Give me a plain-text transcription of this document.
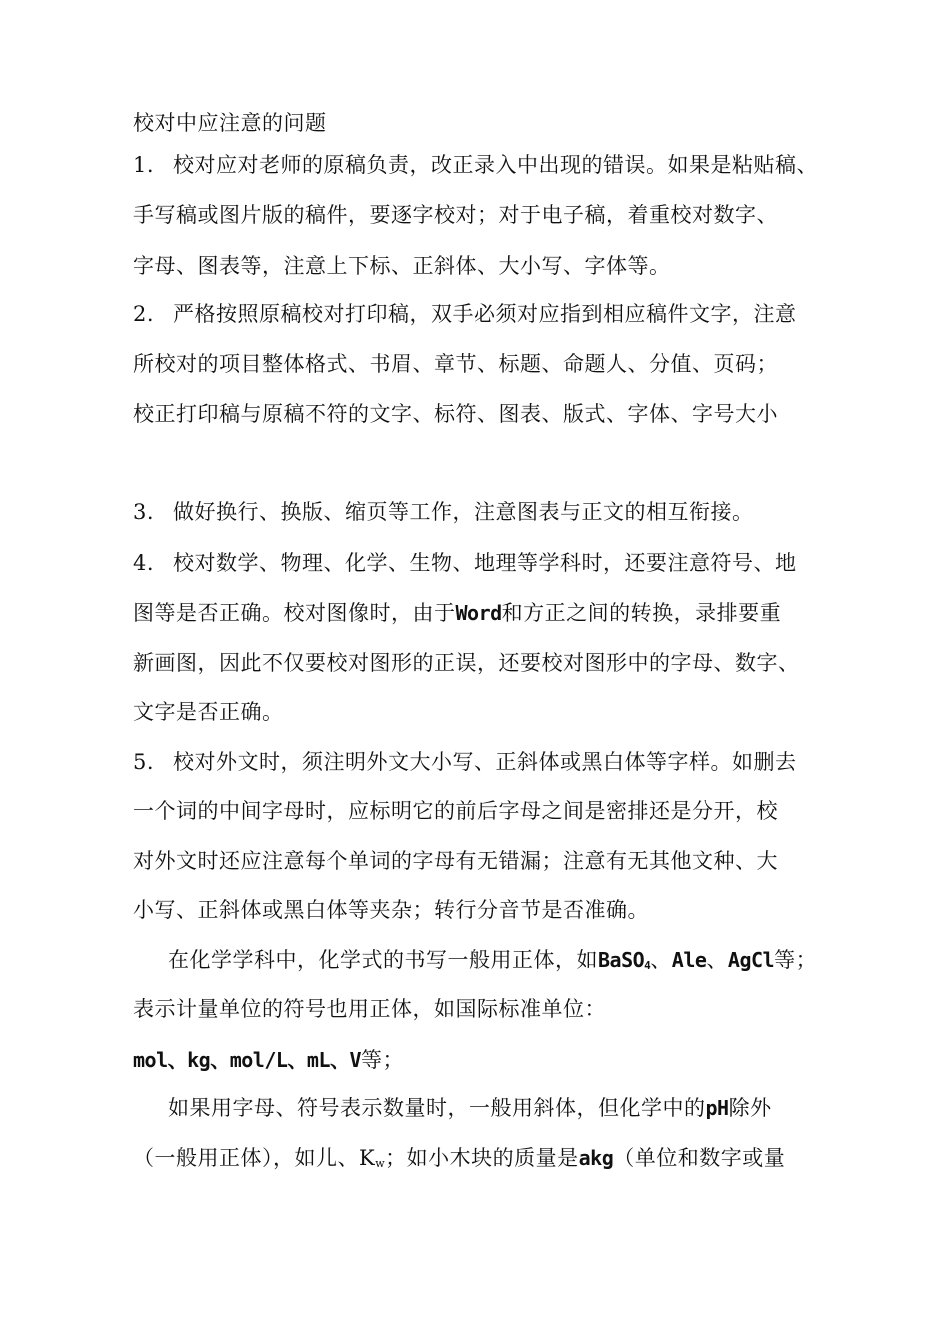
校对中应注意的问题
1. 校对应对老师的原稿负责，改正录入中出现的错误。如果是粘贴稿、
手写稿或图片版的稿件，要逐字校对；对于电子稿，着重校对数字、
字母、图表等，注意上下标、正斜体、大小写、字体等。
2. 严格按照原稿校对打印稿，双手必须对应指到相应稿件文字，注意
所校对的项目整体格式、书眉、章节、标题、命题人、分值、页码；
校正打印稿与原稿不符的文字、标符、图表、版式、字体、字号大小
3. 做好换行、换版、缩页等工作，注意图表与正文的相互衔接。
4. 校对数学、物理、化学、生物、地理等学科时，还要注意符号、地
图等是否正确。校对图像时，由于Word和方正之间的转换，录排要重
新画图，因此不仅要校对图形的正误，还要校对图形中的字母、数字、
文字是否正确。
5. 校对外文时，须注明外文大小写、正斜体或黑白体等字样。如删去
一个词的中间字母时，应标明它的前后字母之间是密排还是分开，校
对外文时还应注意每个单词的字母有无错漏；注意有无其他文种、大
小写、正斜体或黑白体等夹杂；转行分音节是否准确。
在化学学科中，化学式的书写一般用正体，如BaSO$_4$、Ale、AgCl等；
表示计量单位的符号也用正体，如国际标准单位：
mol、kg、mol/L、mL、V等；
如果用字母、符号表示数量时，一般用斜体，但化学中的pH除外
（一般用正体），如儿、$K_w$；如小木块的质量是akg（单位和数字或量
